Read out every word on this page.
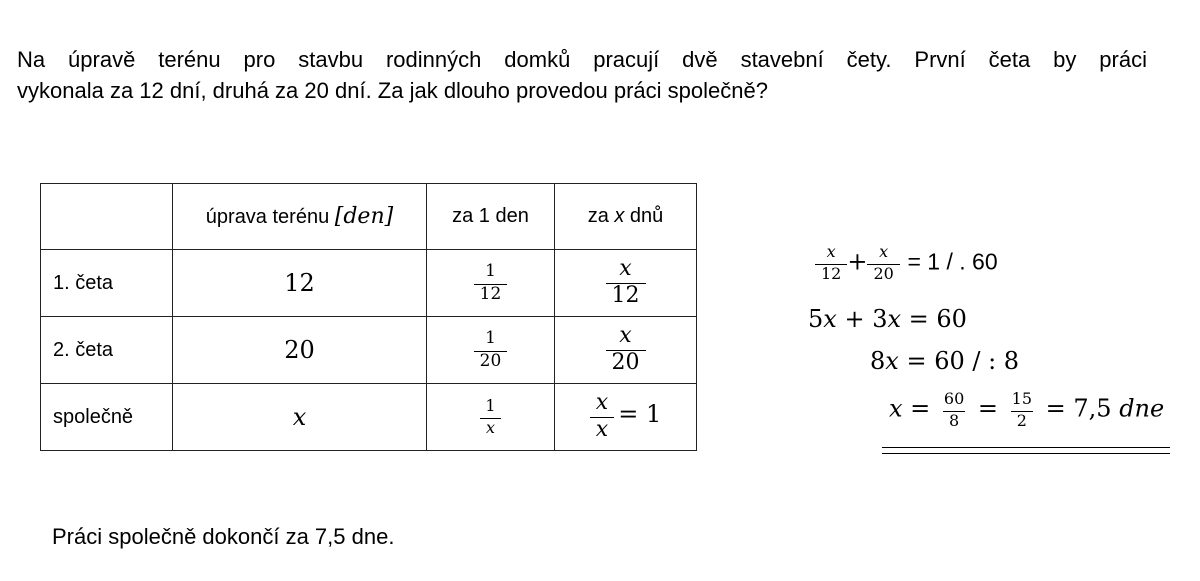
Na úpravě terénu pro stavbu rodinných domků pracují dvě stavební čety. První četa by práci
vykonala za 12 dní, druhá za 20 dní. Za jak dlouho provedou práci společně?

	úprava terénu [den]	za 1 den	za x dnů
1. četa	12	$\frac{1}{12}$	$\frac{x}{12}$

2. četa	20	$\frac{1}{20}$	$\frac{x}{20}$

společně	x	$\frac{1}{x}$	$\frac{x}{x} = 1$
$\frac{x}{12} + \frac{x}{20} = 1$ / . 60
5x + 3x = 60
8x = 60 / : 8
$x = \frac{60}{8} = \frac{15}{2} = 7,5$ dne

Práci společně dokončí za 7,5 dne.
